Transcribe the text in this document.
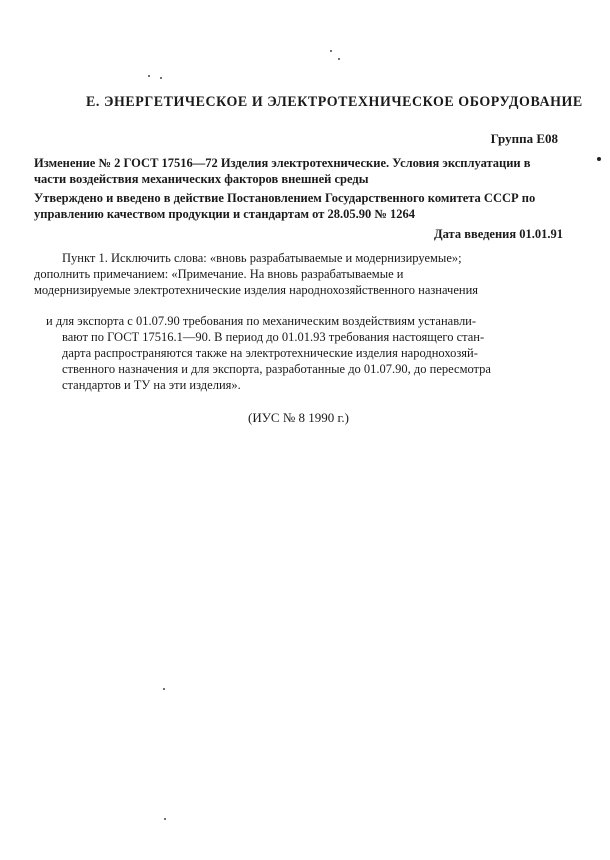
Е. ЭНЕРГЕТИЧЕСКОЕ И ЭЛЕКТРОТЕХНИЧЕСКОЕ ОБОРУДОВАНИЕ
Группа Е08
Изменение № 2 ГОСТ 17516—72 Изделия электротехнические. Условия эксплуатации в части воздействия механических факторов внешней среды
Утверждено и введено в действие Постановлением Государственного комитета СССР по управлению качеством продукции и стандартам от 28.05.90 № 1264
Дата введения 01.01.91
Пункт 1. Исключить слова: «вновь разрабатываемые и модернизируемые»;
дополнить примечанием: «Примечание. На вновь разрабатываемые и
модернизируемые электротехнические изделия народнохозяйственного назначения
и для экспорта с 01.07.90 требования по механическим воздействиям устанавли-
вают по ГОСТ 17516.1—90. В период до 01.01.93 требования настоящего стан-
дарта распространяются также на электротехнические изделия народнохозяй-
ственного назначения и для экспорта, разработанные до 01.07.90, до пересмотра
стандартов и ТУ на эти изделия».
(ИУС № 8 1990 г.)
